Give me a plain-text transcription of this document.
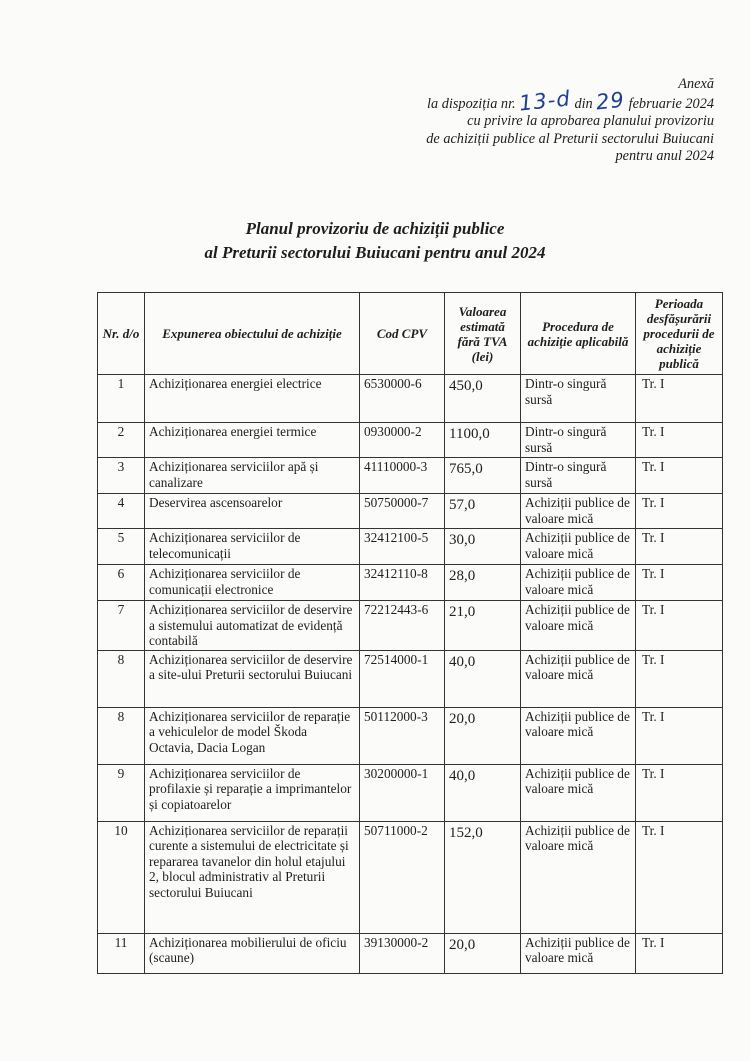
Anexă
la dispoziția nr. 13-d din 29 februarie 2024
cu privire la aprobarea planului provizoriu
de achiziții publice al Preturii sectorului Buiucani
pentru anul 2024
Planul provizoriu de achiziții publice
al Preturii sectorului Buiucani pentru anul 2024
Nr. d/o	Expunerea obiectului de achiziție	Cod CPV	Valoarea estimată fără TVA (lei)	Procedura de achiziție aplicabilă	Perioada desfășurării procedurii de achiziție publică
1	Achiziționarea energiei electrice	6530000-6	450,0	Dintr-o singură sursă	Tr. I
2	Achiziționarea energiei termice	0930000-2	1100,0	Dintr-o singură sursă	Tr. I
3	Achiziționarea serviciilor apă și canalizare	41110000-3	765,0	Dintr-o singură sursă	Tr. I
4	Deservirea ascensoarelor	50750000-7	57,0	Achiziții publice de valoare mică	Tr. I
5	Achiziționarea serviciilor de telecomunicații	32412100-5	30,0	Achiziții publice de valoare mică	Tr. I
6	Achiziționarea serviciilor de comunicații electronice	32412110-8	28,0	Achiziții publice de valoare mică	Tr. I
7	Achiziționarea serviciilor de deservire a sistemului automatizat de evidență contabilă	72212443-6	21,0	Achiziții publice de valoare mică	Tr. I
8	Achiziționarea serviciilor de deservire a site-ului Preturii sectorului Buiucani	72514000-1	40,0	Achiziții publice de valoare mică	Tr. I
8	Achiziționarea serviciilor de reparație a vehiculelor de model Škoda Octavia, Dacia Logan	50112000-3	20,0	Achiziții publice de valoare mică	Tr. I
9	Achiziționarea serviciilor de profilaxie și reparație a imprimantelor și copiatoarelor	30200000-1	40,0	Achiziții publice de valoare mică	Tr. I
10	Achiziționarea serviciilor de reparații curente a sistemului de electricitate și repararea tavanelor din holul etajului 2, blocul administrativ al Preturii sectorului Buiucani	50711000-2	152,0	Achiziții publice de valoare mică	Tr. I
11	Achiziționarea mobilierului de oficiu (scaune)	39130000-2	20,0	Achiziții publice de valoare mică	Tr. I
